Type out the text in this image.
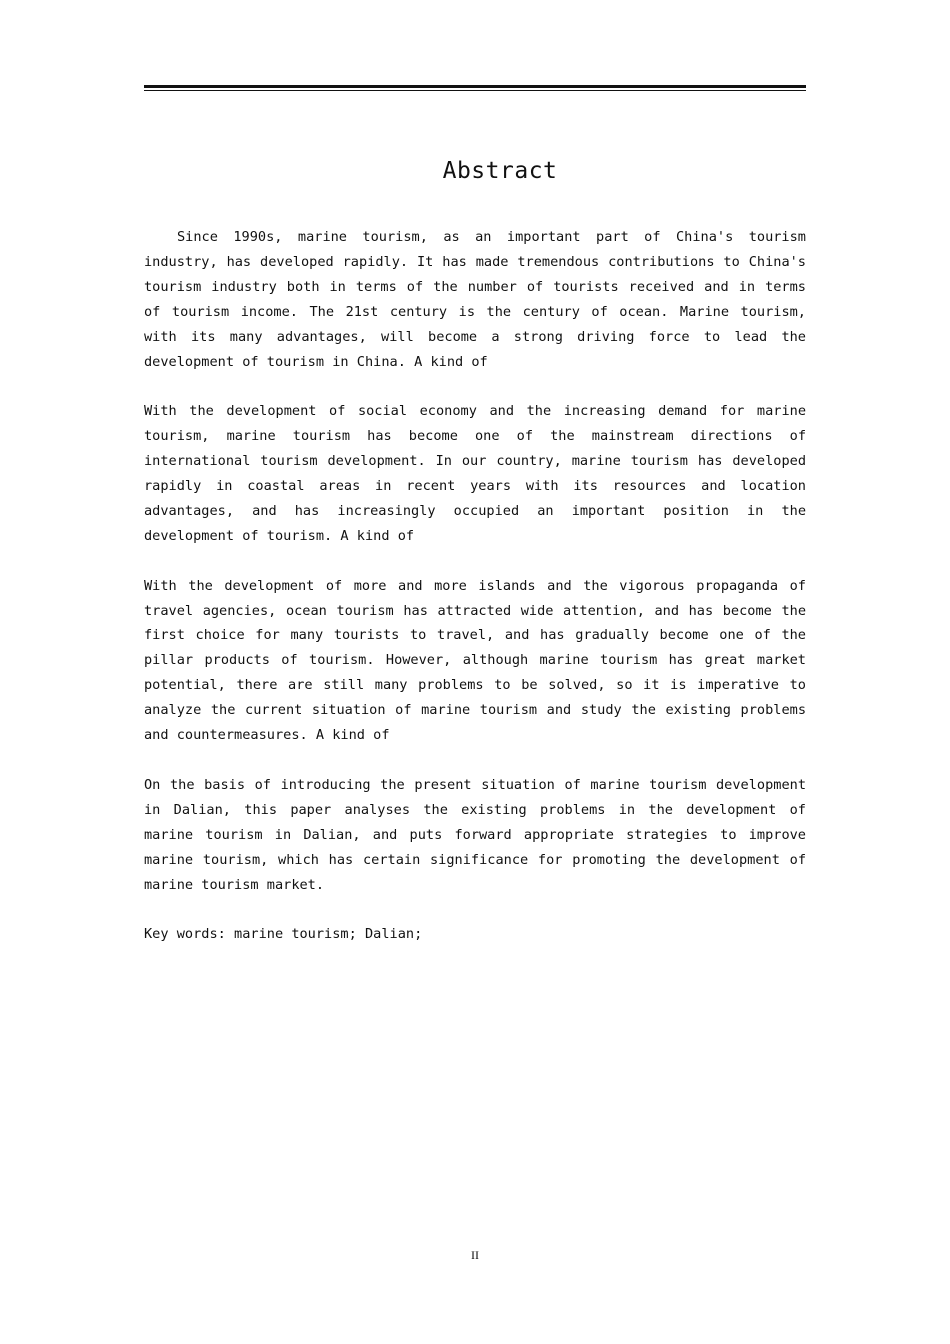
Abstract

Since 1990s, marine tourism, as an important part of China's tourism industry, has developed rapidly. It has made tremendous contributions to China's tourism industry both in terms of the number of tourists received and in terms of tourism income. The 21st century is the century of ocean. Marine tourism, with its many advantages, will become a strong driving force to lead the development of tourism in China. A kind of

With the development of social economy and the increasing demand for marine tourism, marine tourism has become one of the mainstream directions of international tourism development. In our country, marine tourism has developed rapidly in coastal areas in recent years with its resources and location advantages, and has increasingly occupied an important position in the development of tourism. A kind of

With the development of more and more islands and the vigorous propaganda of travel agencies, ocean tourism has attracted wide attention, and has become the first choice for many tourists to travel, and has gradually become one of the pillar products of tourism. However, although marine tourism has great market potential, there are still many problems to be solved, so it is imperative to analyze the current situation of marine tourism and study the existing problems and countermeasures. A kind of

On the basis of introducing the present situation of marine tourism development in Dalian, this paper analyses the existing problems in the development of marine tourism in Dalian, and puts forward appropriate strategies to improve marine tourism, which has certain significance for promoting the development of marine tourism market.

Key words: marine tourism; Dalian;

II
